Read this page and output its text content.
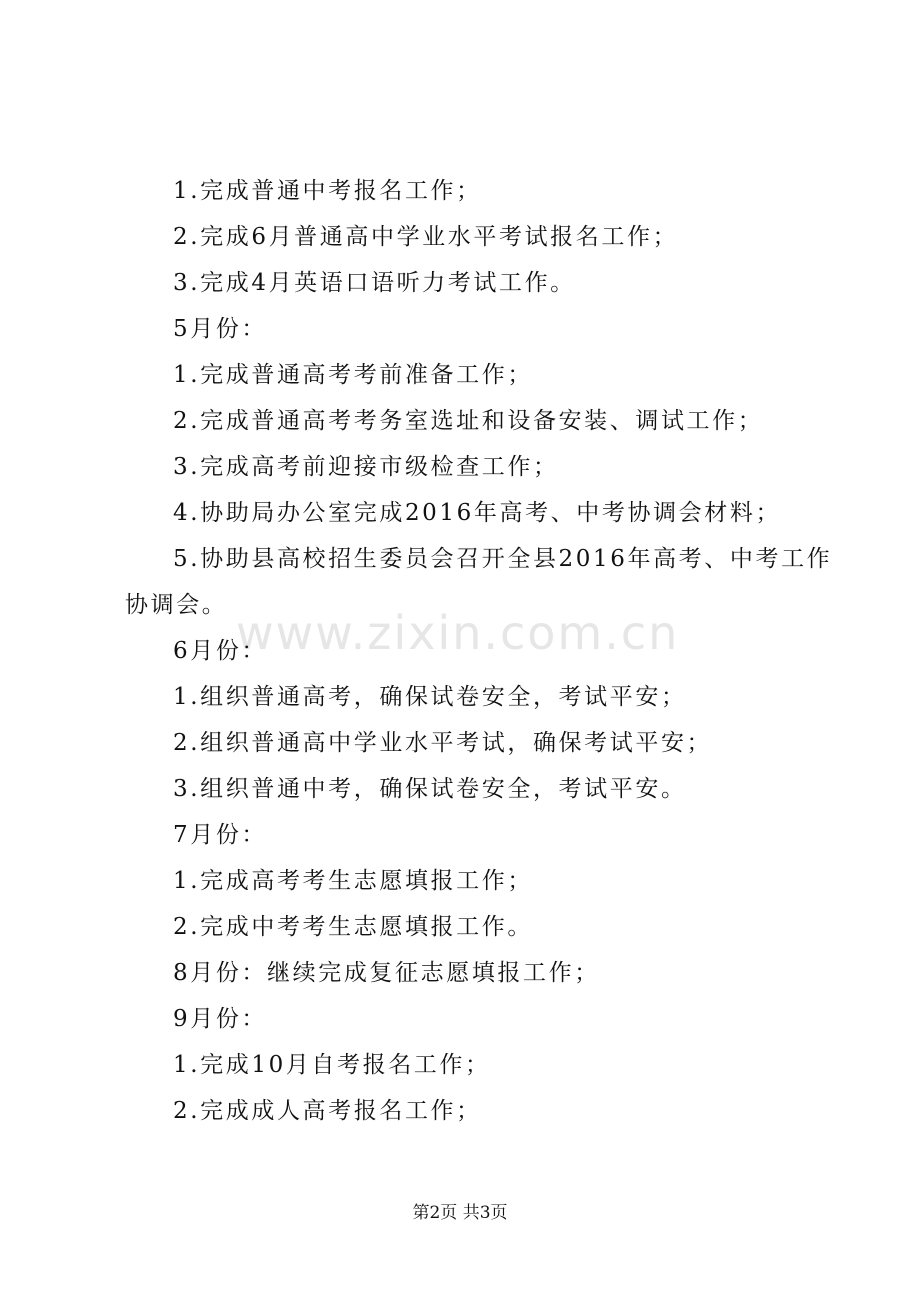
www.zixin.com.cn
1.完成普通中考报名工作；
2.完成6月普通高中学业水平考试报名工作；
3.完成4月英语口语听力考试工作。
5月份：
1.完成普通高考考前准备工作；
2.完成普通高考考务室选址和设备安装、调试工作；
3.完成高考前迎接市级检查工作；
4.协助局办公室完成2016年高考、中考协调会材料；
5.协助县高校招生委员会召开全县2016年高考、中考工作
协调会。
6月份：
1.组织普通高考，确保试卷安全，考试平安；
2.组织普通高中学业水平考试，确保考试平安；
3.组织普通中考，确保试卷安全，考试平安。
7月份：
1.完成高考考生志愿填报工作；
2.完成中考考生志愿填报工作。
8月份：继续完成复征志愿填报工作；
9月份：
1.完成10月自考报名工作；
2.完成成人高考报名工作；
第2页 共3页
